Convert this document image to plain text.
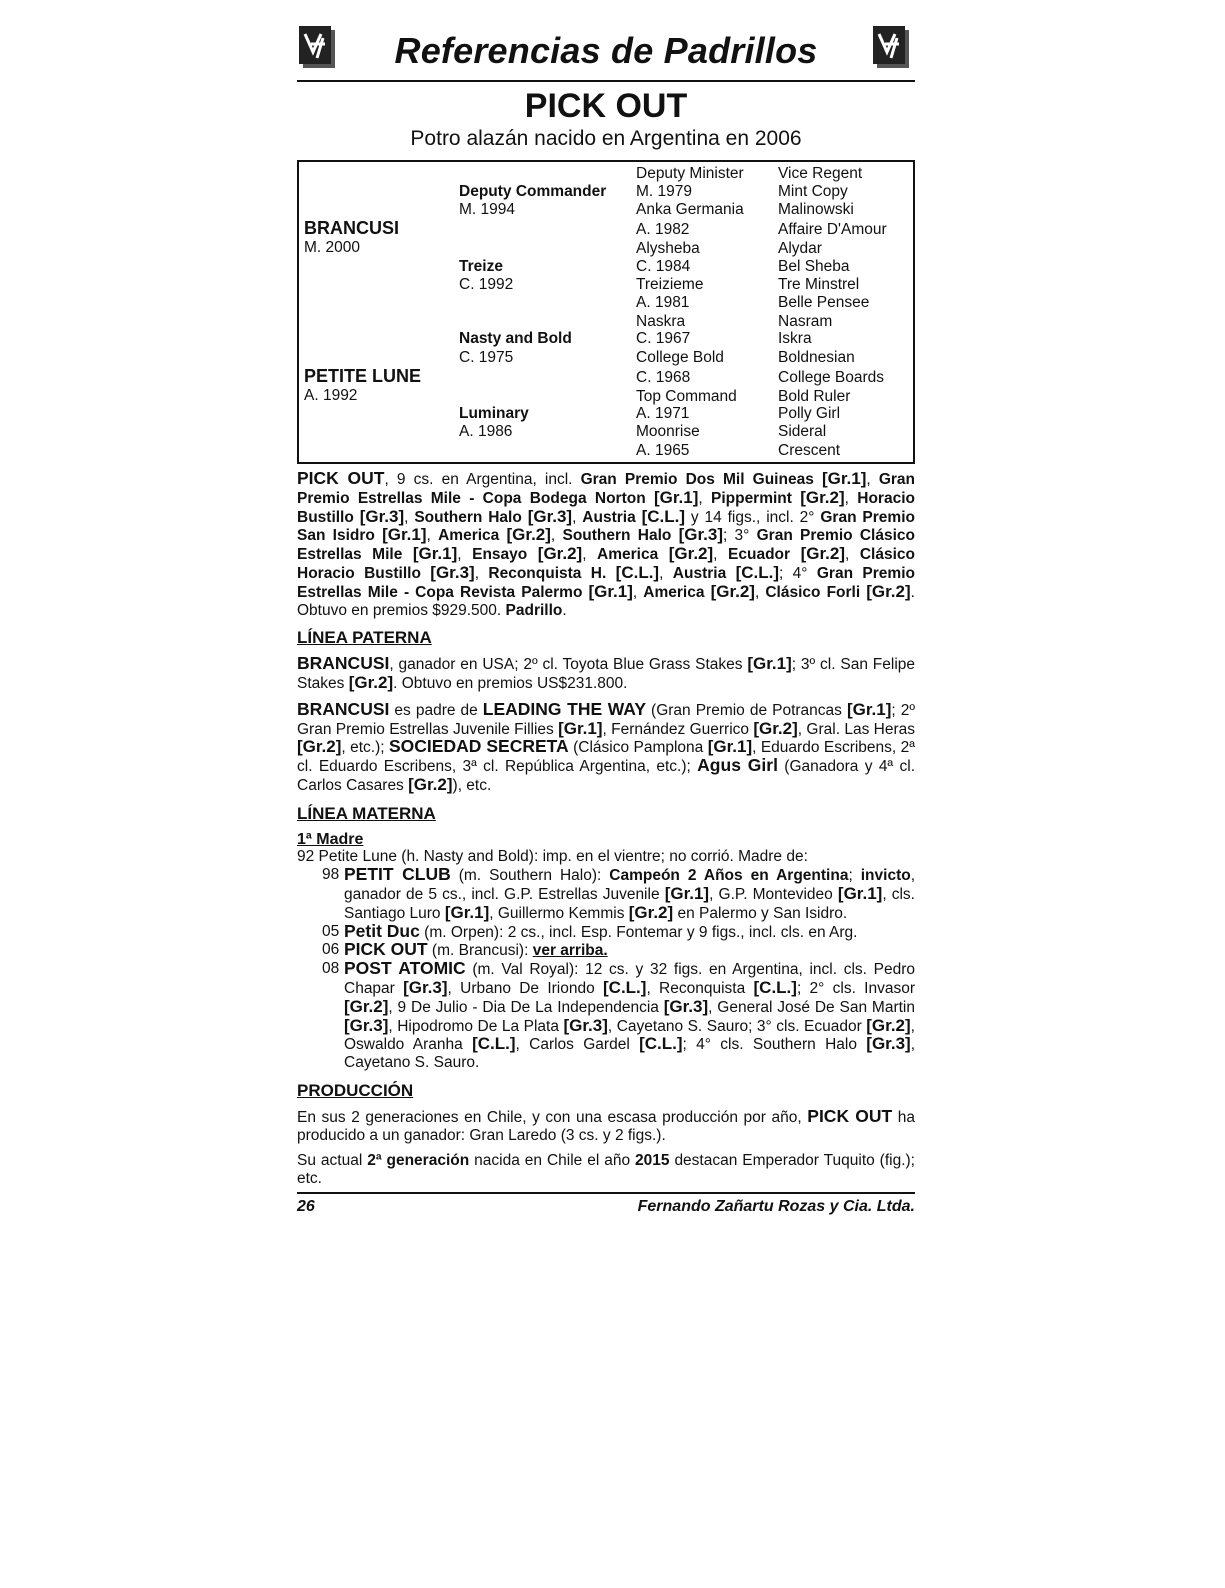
Referencias de Padrillos
PICK OUT
Potro alazán nacido en Argentina en 2006
BRANCUSI
M. 2000
PETITE LUNE
A. 1992
Deputy Commander
M. 1994
Treize
C. 1992
Nasty and Bold
C. 1975
Luminary
A. 1986
Deputy Minister
M. 1979
Anka Germania
A. 1982
Alysheba
C. 1984
Treizieme
A. 1981
Naskra
C. 1967
College Bold
C. 1968
Top Command
A. 1971
Moonrise
A. 1965
Vice Regent
Mint Copy
Malinowski
Affaire D'Amour
Alydar
Bel Sheba
Tre Minstrel
Belle Pensee
Nasram
Iskra
Boldnesian
College Boards
Bold Ruler
Polly Girl
Sideral
Crescent

PICK OUT, 9 cs. en Argentina, incl. Gran Premio Dos Mil Guineas [Gr.1], Gran Premio Estrellas Mile - Copa Bodega Norton [Gr.1], Pippermint [Gr.2], Horacio Bustillo [Gr.3], Southern Halo [Gr.3], Austria [C.L.] y 14 figs., incl. 2° Gran Premio San Isidro [Gr.1], America [Gr.2], Southern Halo [Gr.3]; 3° Gran Premio Clásico Estrellas Mile [Gr.1], Ensayo [Gr.2], America [Gr.2], Ecuador [Gr.2], Clásico Horacio Bustillo [Gr.3], Reconquista H. [C.L.], Austria [C.L.]; 4° Gran Premio Estrellas Mile - Copa Revista Palermo [Gr.1], America [Gr.2], Clásico Forli [Gr.2]. Obtuvo en premios $929.500. Padrillo.

LÍNEA PATERNA

BRANCUSI, ganador en USA; 2º cl. Toyota Blue Grass Stakes [Gr.1]; 3º cl. San Felipe Stakes [Gr.2]. Obtuvo en premios US$231.800.

BRANCUSI es padre de LEADING THE WAY (Gran Premio de Potrancas [Gr.1]; 2º Gran Premio Estrellas Juvenile Fillies [Gr.1], Fernández Guerrico [Gr.2], Gral. Las Heras [Gr.2], etc.); SOCIEDAD SECRETA (Clásico Pamplona [Gr.1], Eduardo Escribens, 2ª cl. Eduardo Escribens, 3ª cl. República Argentina, etc.); Agus Girl (Ganadora y 4ª cl. Carlos Casares [Gr.2]), etc.

LÍNEA MATERNA
1ª Madre
92 Petite Lune (h. Nasty and Bold): imp. en el vientre; no corrió. Madre de:
98 PETIT CLUB (m. Southern Halo): Campeón 2 Años en Argentina; invicto, ganador de 5 cs., incl. G.P. Estrellas Juvenile [Gr.1], G.P. Montevideo [Gr.1], cls. Santiago Luro [Gr.1], Guillermo Kemmis [Gr.2] en Palermo y San Isidro.
05 Petit Duc (m. Orpen): 2 cs., incl. Esp. Fontemar y 9 figs., incl. cls. en Arg.
06 PICK OUT (m. Brancusi): ver arriba.
08 POST ATOMIC (m. Val Royal): 12 cs. y 32 figs. en Argentina, incl. cls. Pedro Chapar [Gr.3], Urbano De Iriondo [C.L.], Reconquista [C.L.]; 2° cls. Invasor [Gr.2], 9 De Julio - Dia De La Independencia [Gr.3], General José De San Martin [Gr.3], Hipodromo De La Plata [Gr.3], Cayetano S. Sauro; 3° cls. Ecuador [Gr.2], Oswaldo Aranha [C.L.], Carlos Gardel [C.L.]; 4° cls. Southern Halo [Gr.3], Cayetano S. Sauro.
PRODUCCIÓN

En sus 2 generaciones en Chile, y con una escasa producción por año, PICK OUT ha producido a un ganador: Gran Laredo (3 cs. y 2 figs.).

Su actual 2ª generación nacida en Chile el año 2015 destacan Emperador Tuquito (fig.); etc.

26	Fernando Zañartu Rozas y Cia. Ltda.
